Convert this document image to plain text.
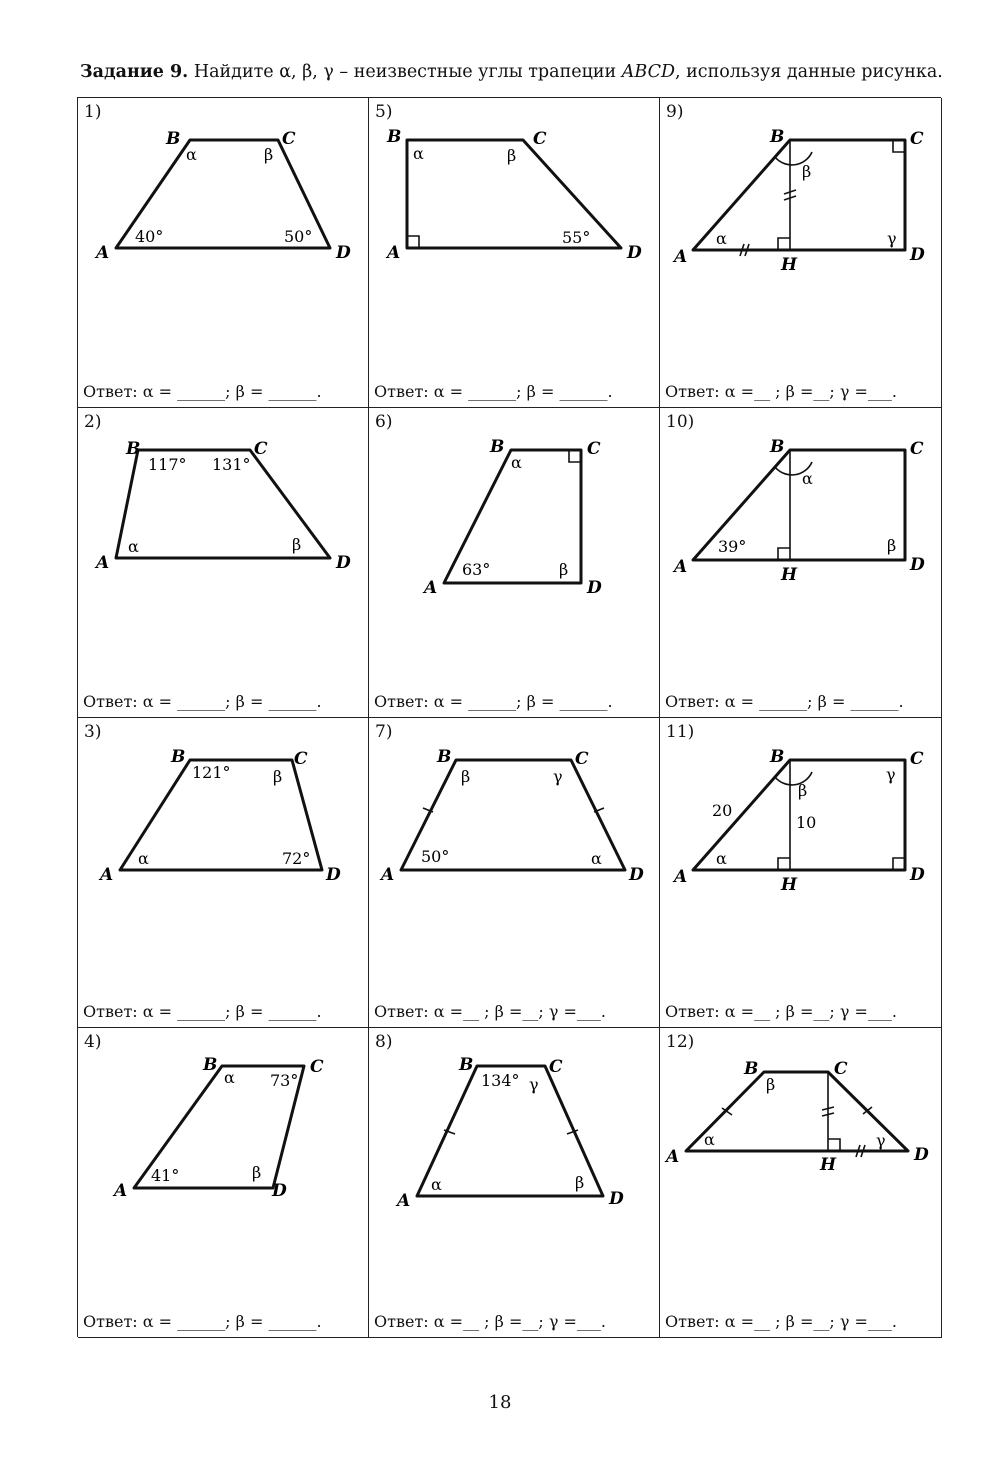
Задание 9. Найдите α, β, γ – неизвестные углы трапеции ABCD, используя данные рисунка.
1)
B	C
A	D
α	β
40°	50°
Ответ: α = ______; β = ______.
5)
B	C
A	D
α	β
55°
Ответ: α = ______; β = ______.
9)
B	C
A	D
H
β
α	γ
Ответ: α =__ ; β =__; γ =___.
2)
B	C
A	D
117° 131°
α	β
Ответ: α = ______; β = ______.
6)
B	C
A	D
α
63°	β
Ответ: α = ______; β = ______.
10)
B	C
A	D
H
α
39°	β
Ответ: α = ______; β = ______.
3)
B	C
A	D
121°	β
α	72°
Ответ: α = ______; β = ______.
7)
B	C
A	D
β	γ
50°	α
Ответ: α =__ ; β =__; γ =___.
11)
B	C
A	D
H
β
γ
α
20
10
Ответ: α =__ ; β =__; γ =___.
4)
B	C
A	D
α 73°
41°	β
Ответ: α = ______; β = ______.
8)
B	C
A	D
134° γ
α	β
Ответ: α =__ ; β =__; γ =___.
12)
B	C
A	D
H
β
α	γ
Ответ: α =__ ; β =__; γ =___.
18
